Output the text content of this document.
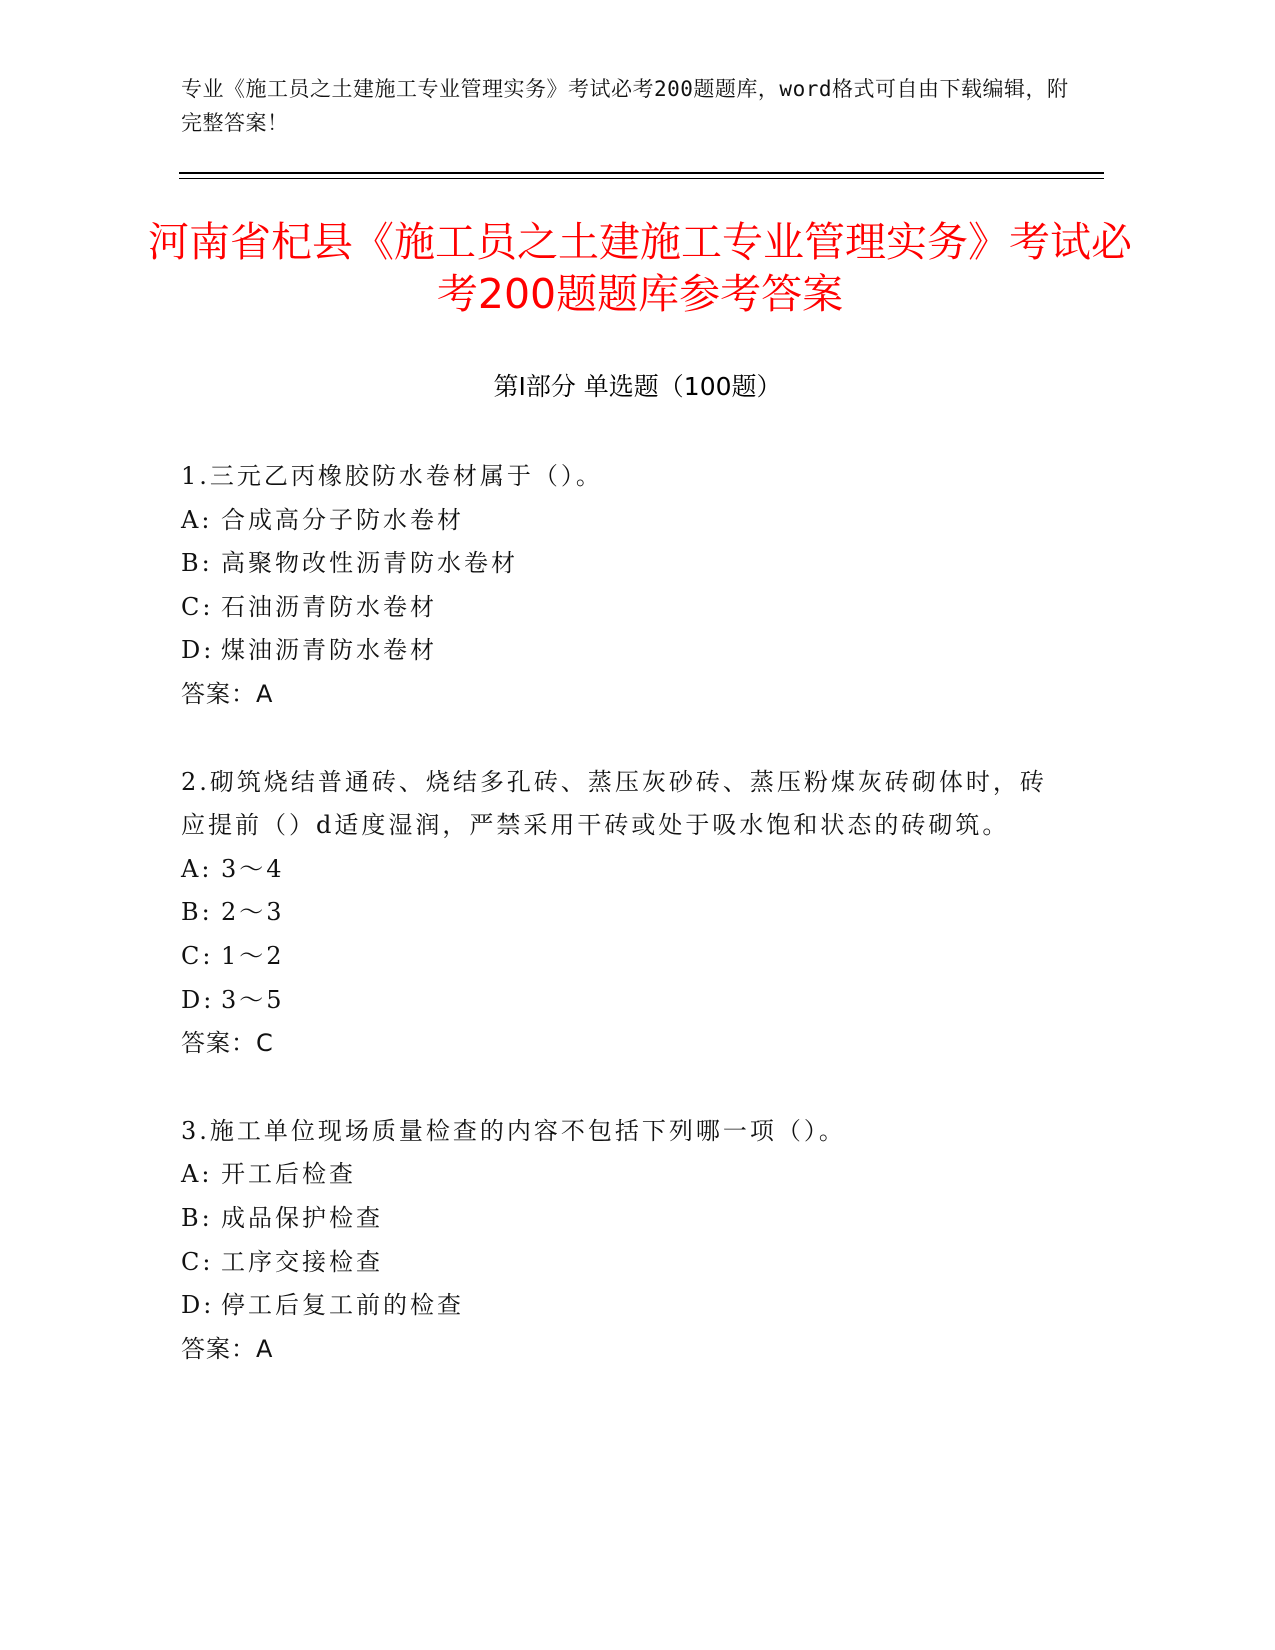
专业《施工员之土建施工专业管理实务》考试必考200题题库，word格式可自由下载编辑，附完整答案！
河南省杞县《施工员之土建施工专业管理实务》考试必考200题题库参考答案
第Ⅰ部分 单选题（100题）
1.三元乙丙橡胶防水卷材属于（）。
A: 合成高分子防水卷材
B: 高聚物改性沥青防水卷材
C: 石油沥青防水卷材
D: 煤油沥青防水卷材
答案：A
2.砌筑烧结普通砖、烧结多孔砖、蒸压灰砂砖、蒸压粉煤灰砖砌体时，砖应提前（）d适度湿润，严禁采用干砖或处于吸水饱和状态的砖砌筑。
A: 3～4
B: 2～3
C: 1～2
D: 3～5
答案：C
3.施工单位现场质量检查的内容不包括下列哪一项（）。
A: 开工后检查
B: 成品保护检查
C: 工序交接检查
D: 停工后复工前的检查
答案：A
